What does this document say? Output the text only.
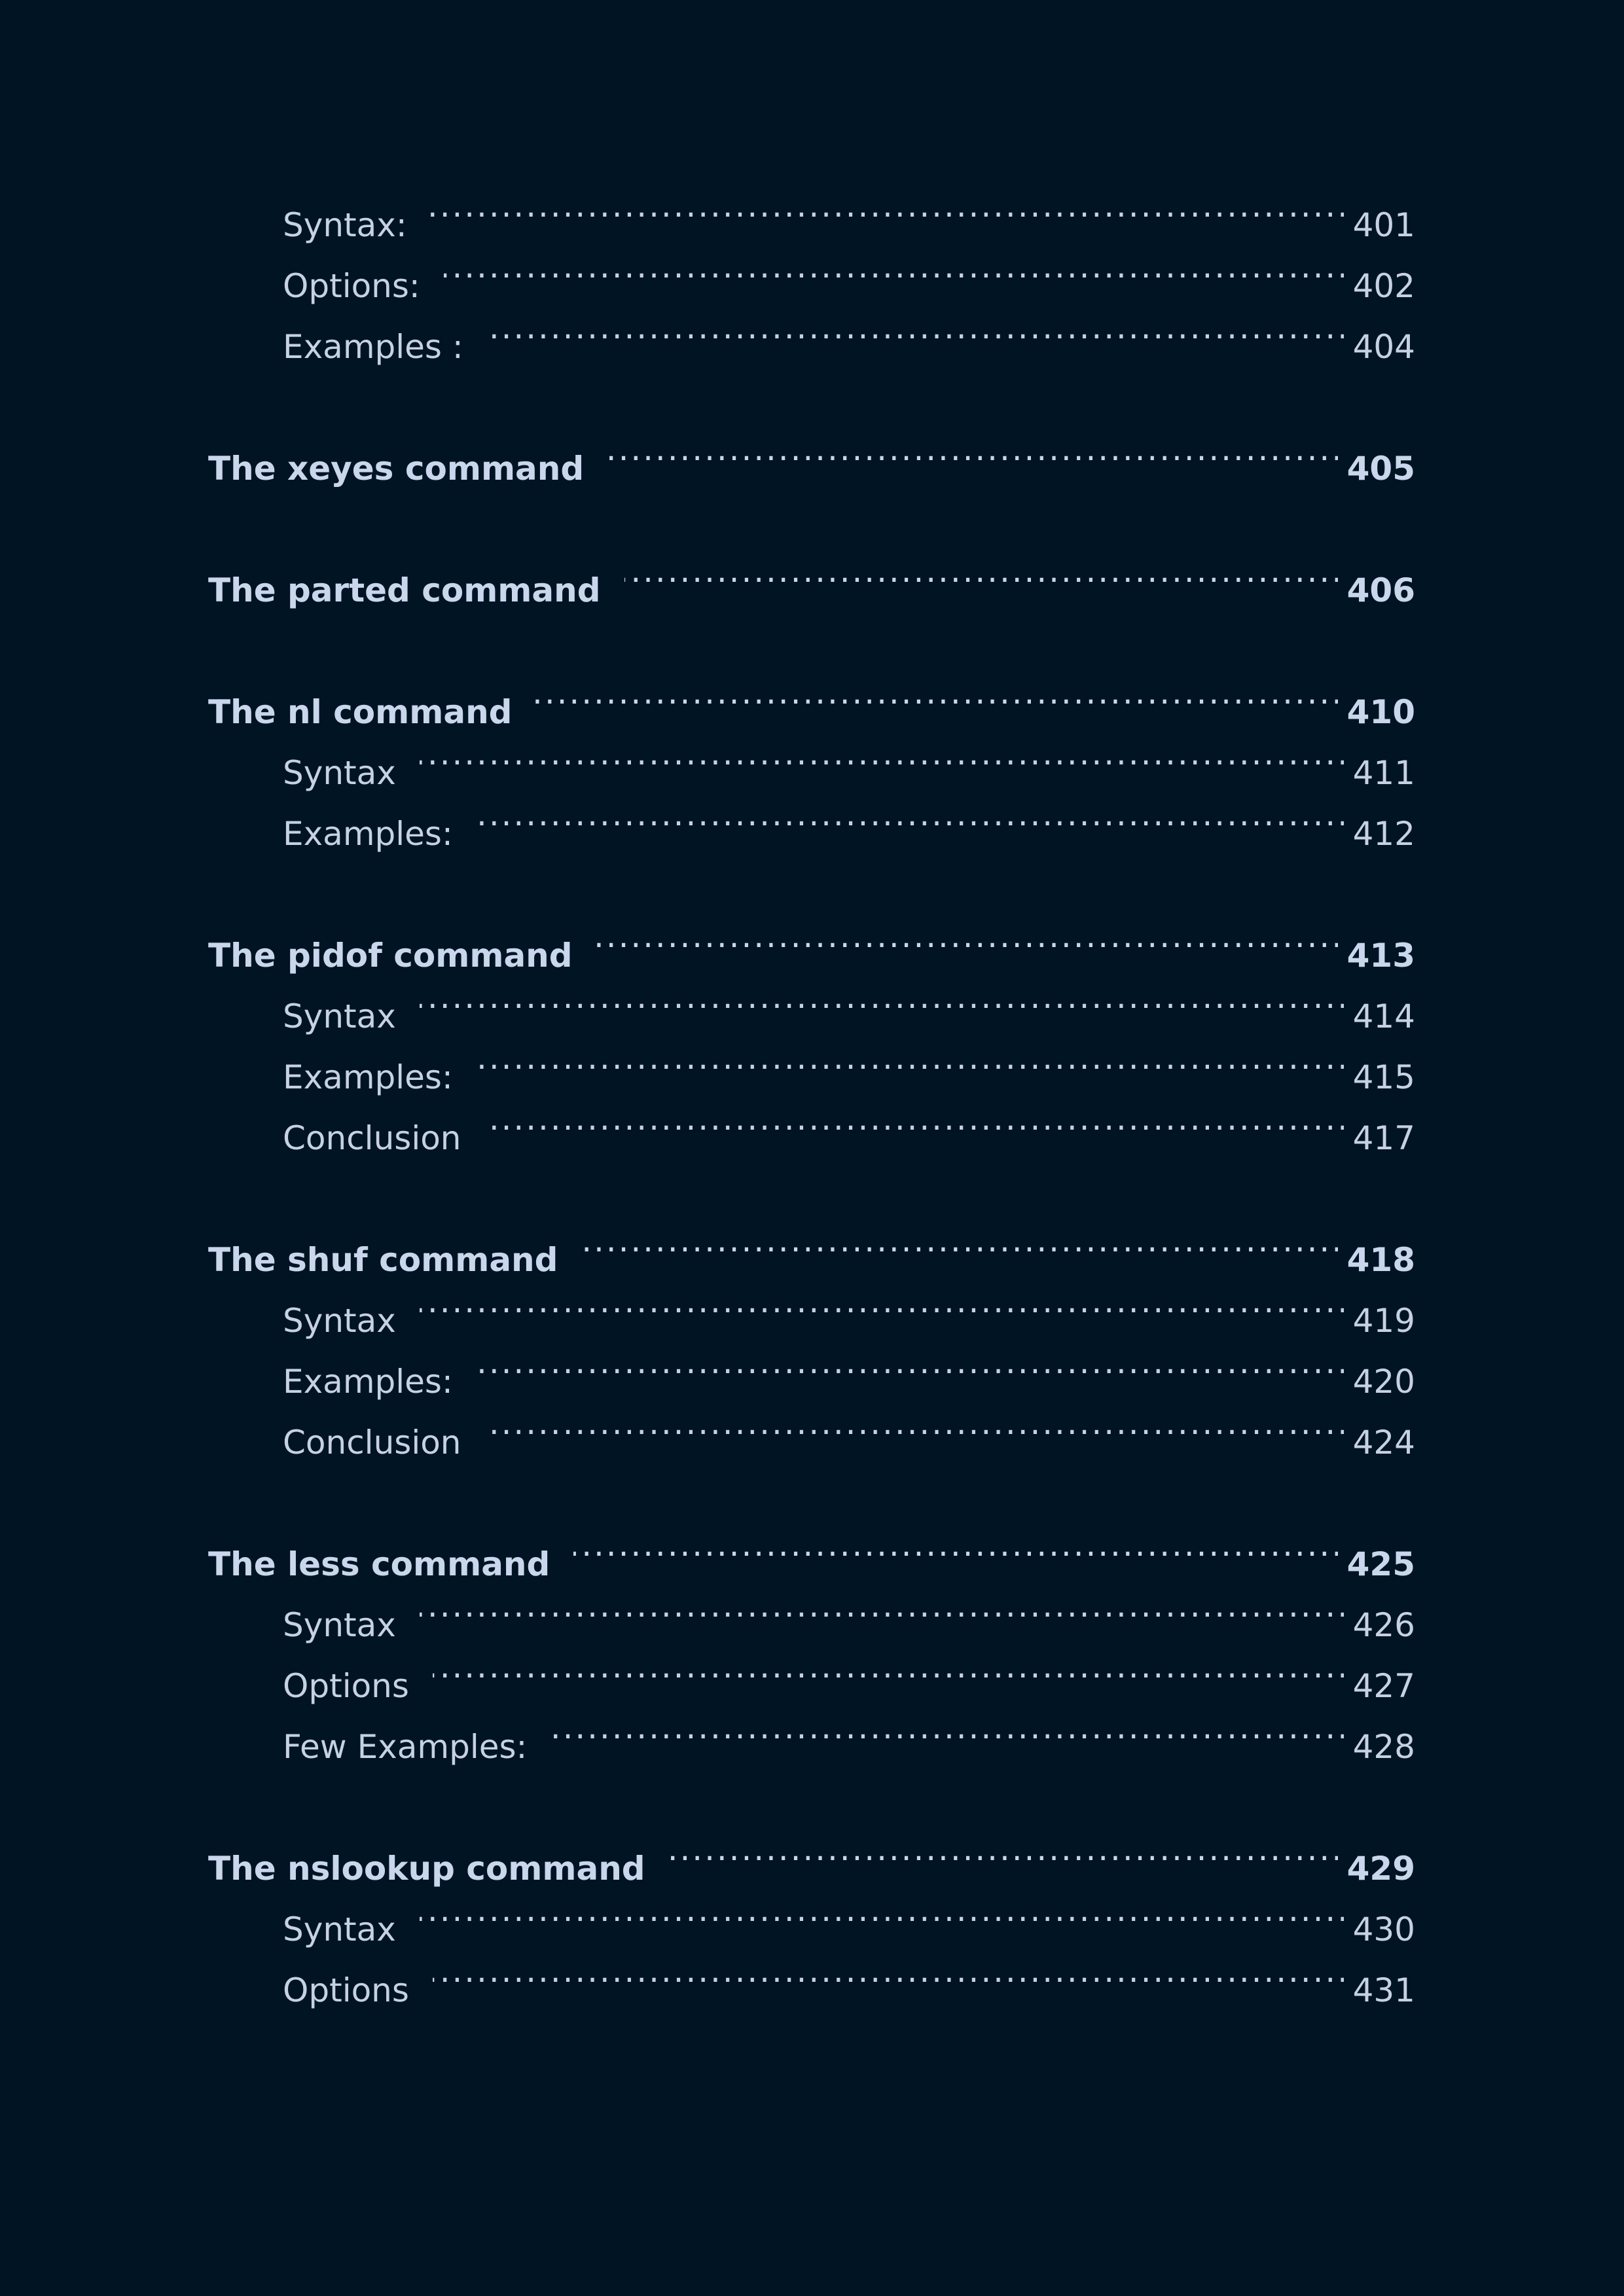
Syntax: . . .	401
Options: . . .	402
Examples : . . .	404
The xeyes command . . .	405
The parted command . . .	406
The nl command . . .	410
Syntax . . .	411
Examples: . . .	412
The pidof command . . .	413
Syntax . . .	414
Examples: . . .	415
Conclusion . . .	417
The shuf command . . .	418
Syntax . . .	419
Examples: . . .	420
Conclusion . . .	424
The less command . . .	425
Syntax . . .	426
Options . . .	427
Few Examples: . . .	428
The nslookup command . . .	429
Syntax . . .	430
Options . . .	431
